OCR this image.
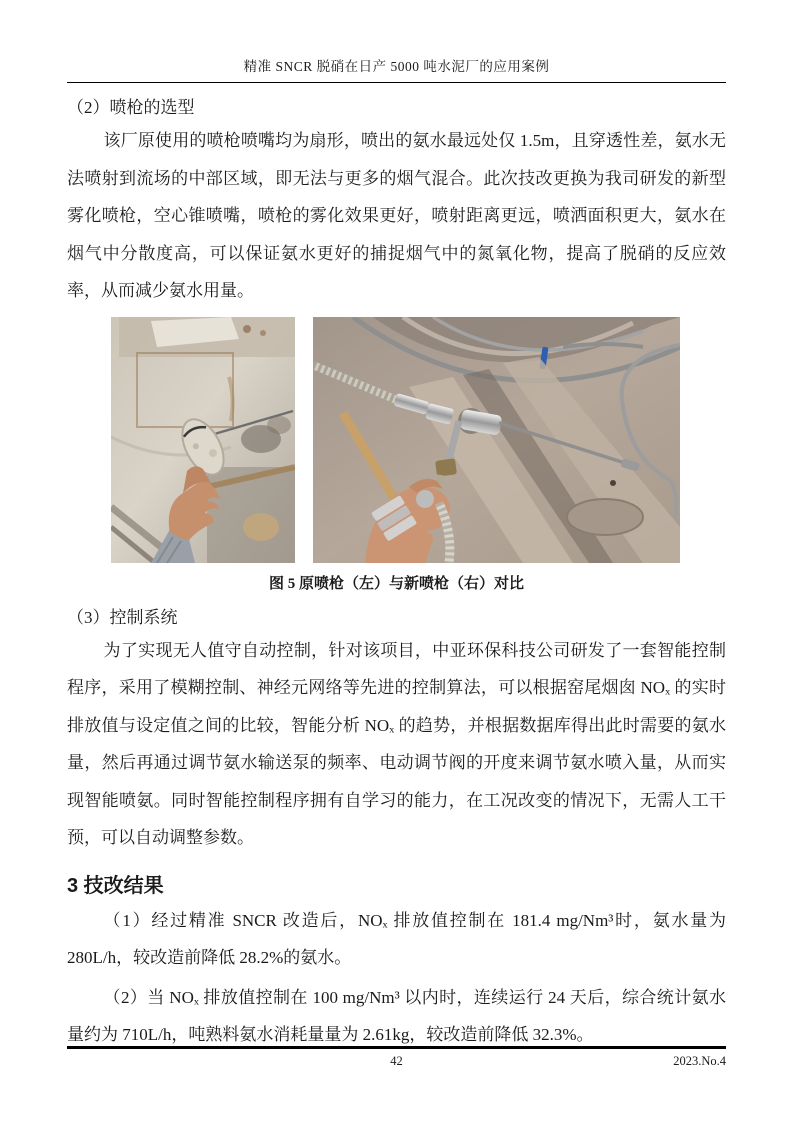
精准 SNCR 脱硝在日产 5000 吨水泥厂的应用案例

（2）喷枪的选型

该厂原使用的喷枪喷嘴均为扇形，喷出的氨水最远处仅 1.5m，且穿透性差，氨水无法喷射到流场的中部区域，即无法与更多的烟气混合。此次技改更换为我司研发的新型雾化喷枪，空心锥喷嘴，喷枪的雾化效果更好，喷射距离更远，喷洒面积更大，氨水在烟气中分散度高，可以保证氨水更好的捕捉烟气中的氮氧化物，提高了脱硝的反应效率，从而减少氨水用量。

图 5 原喷枪（左）与新喷枪（右）对比

（3）控制系统

为了实现无人值守自动控制，针对该项目，中亚环保科技公司研发了一套智能控制程序，采用了模糊控制、神经元网络等先进的控制算法，可以根据窑尾烟囱 NOₓ 的实时排放值与设定值之间的比较，智能分析 NOₓ 的趋势，并根据数据库得出此时需要的氨水量，然后再通过调节氨水输送泵的频率、电动调节阀的开度来调节氨水喷入量，从而实现智能喷氨。同时智能控制程序拥有自学习的能力，在工况改变的情况下，无需人工干预，可以自动调整参数。

3 技改结果

（1）经过精准 SNCR 改造后，NOₓ 排放值控制在 181.4 mg/Nm³时，氨水量为 280L/h，较改造前降低 28.2%的氨水。

（2）当 NOₓ 排放值控制在 100 mg/Nm³ 以内时，连续运行 24 天后，综合统计氨水量约为 710L/h，吨熟料氨水消耗量量为 2.61kg，较改造前降低 32.3%。

42	2023.No.4
